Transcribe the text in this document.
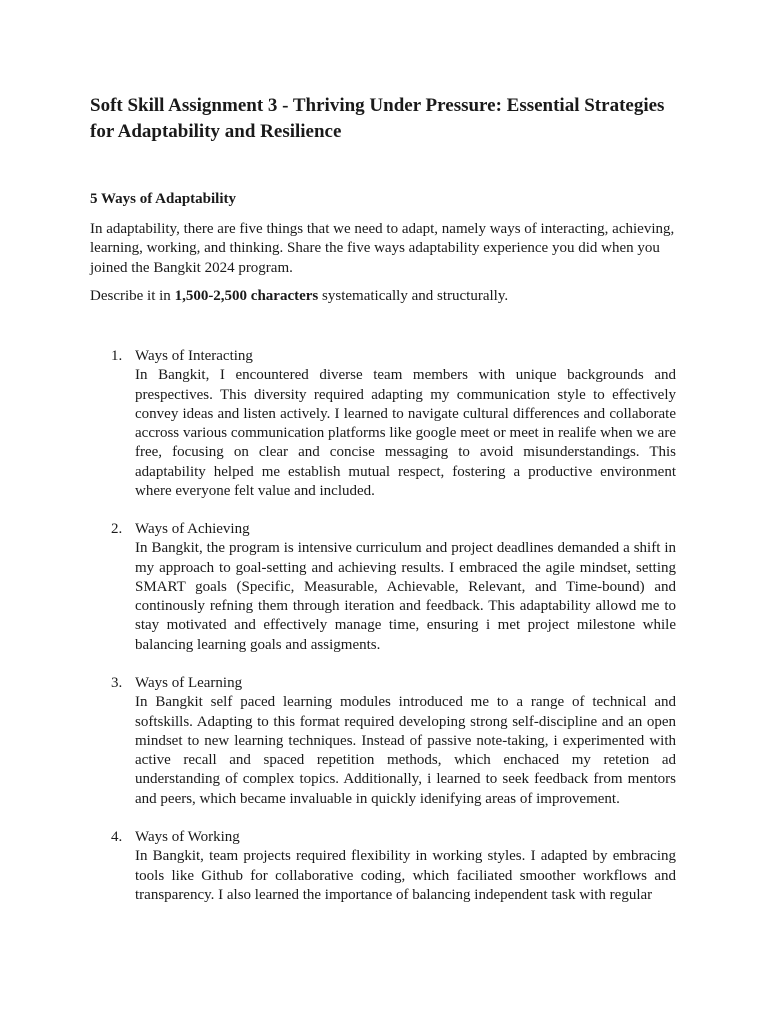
Soft Skill Assignment 3 - Thriving Under Pressure: Essential Strategies for Adaptability and Resilience
5 Ways of Adaptability

In adaptability, there are five things that we need to adapt, namely ways of interacting, achieving, learning, working, and thinking. Share the five ways adaptability experience you did when you joined the Bangkit 2024 program.

Describe it in 1,500-2,500 characters systematically and structurally.

1. Ways of Interacting

In Bangkit, I encountered diverse team members with unique backgrounds and prespectives. This diversity required adapting my communication style to effectively convey ideas and listen actively. I learned to navigate cultural differences and collaborate accross various communication platforms like google meet or meet in realife when we are free, focusing on clear and concise messaging to avoid misunderstandings. This adaptability helped me establish mutual respect, fostering a productive environment where everyone felt value and included.

2. Ways of Achieving

In Bangkit, the program is intensive curriculum and project deadlines demanded a shift in my approach to goal-setting and achieving results. I embraced the agile mindset, setting SMART goals (Specific, Measurable, Achievable, Relevant, and Time-bound) and continously refning them through iteration and feedback. This adaptability allowd me to stay motivated and effectively manage time, ensuring i met project milestone while balancing learning goals and assigments.

3. Ways of Learning

In Bangkit self paced learning modules introduced me to a range of technical and softskills. Adapting to this format required developing strong self-discipline and an open mindset to new learning techniques. Instead of passive note-taking, i experimented with active recall and spaced repetition methods, which enchaced my retetion ad understanding of complex topics. Additionally, i learned to seek feedback from mentors and peers, which became invaluable in quickly idenifying areas of improvement.

4. Ways of Working

In Bangkit, team projects required flexibility in working styles. I adapted by embracing tools like Github for collaborative coding, which faciliated smoother workflows and transparency. I also learned the importance of balancing independent task with regular
